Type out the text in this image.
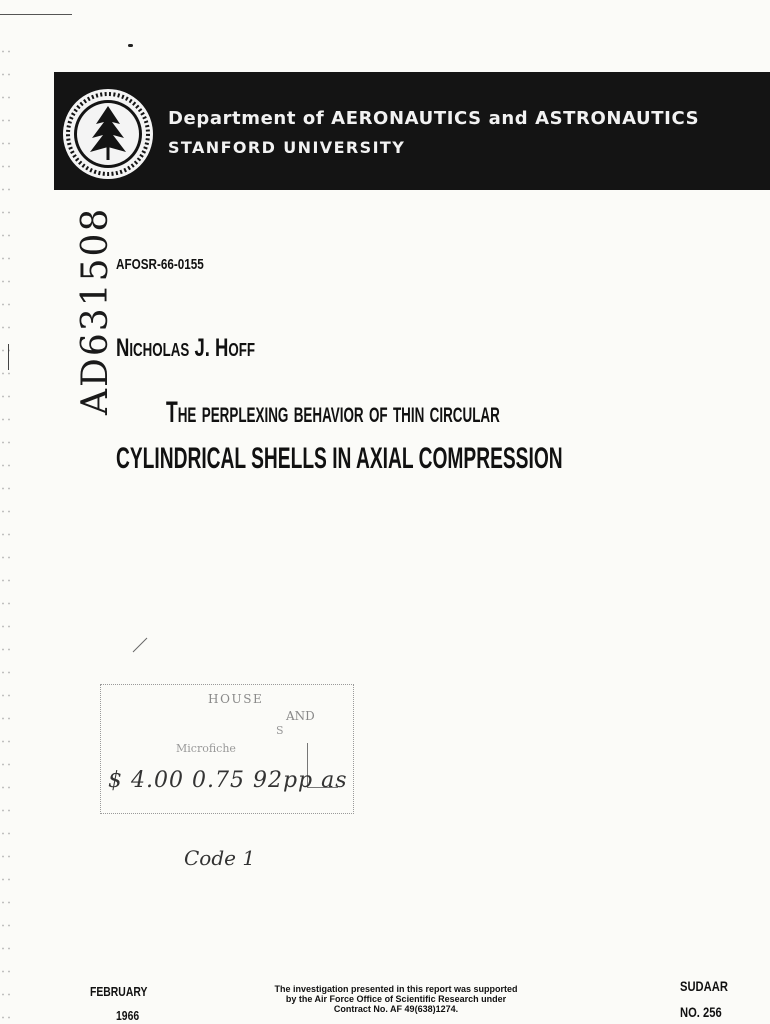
Department of AERONAUTICS and ASTRONAUTICS
STANFORD UNIVERSITY
AD631508 AFOSR-66-0155
Nicholas J. Hoff
The perplexing behavior of thin circular
CYLINDRICAL SHELLS IN AXIAL COMPRESSION
HOUSE
AND
S
Microfiche
$ 4.00 0.75 92pp as
Code 1
FEBRUARY
1966
The investigation presented in this report was supported
by the Air Force Office of Scientific Research under
Contract No. AF 49(638)1274.
SUDAAR
NO. 256
